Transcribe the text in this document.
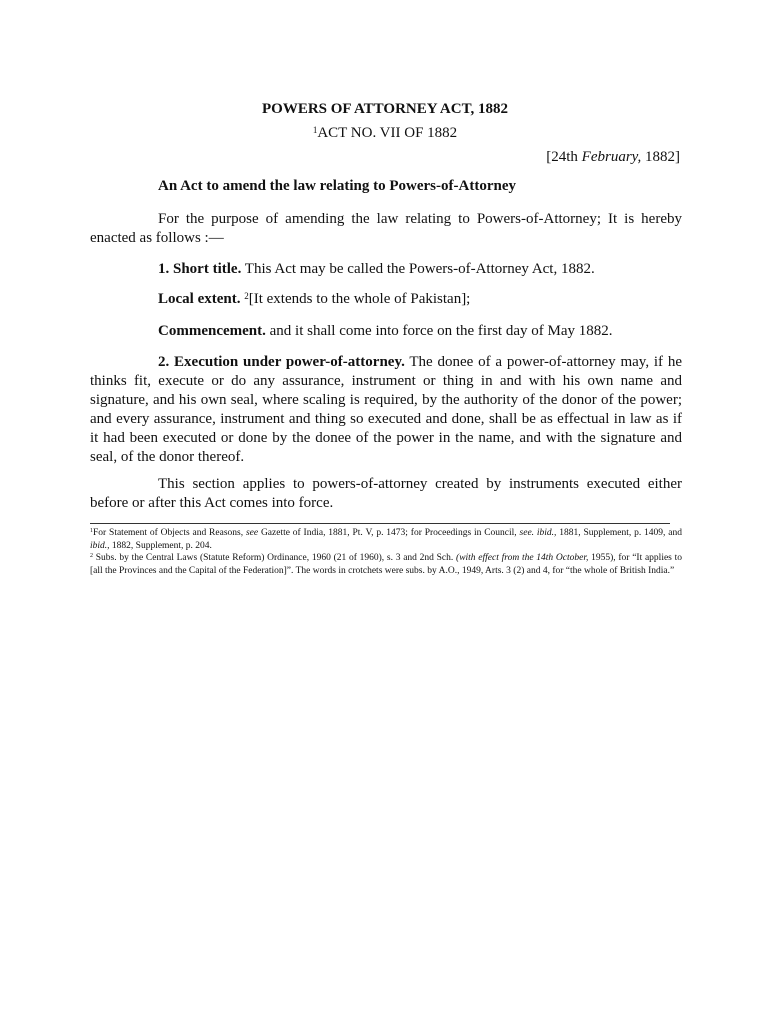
POWERS OF ATTORNEY ACT, 1882
$^1$ACT NO. VII OF 1882
[24th February, 1882]
An Act to amend the law relating to Powers-of-Attorney
For the purpose of amending the law relating to Powers-of-Attorney; It is hereby enacted as follows :—
1. Short title. This Act may be called the Powers-of-Attorney Act, 1882.
Local extent. $^2$[It extends to the whole of Pakistan];
Commencement. and it shall come into force on the first day of May 1882.
2. Execution under power-of-attorney. The donee of a power-of-attorney may, if he thinks fit, execute or do any assurance, instrument or thing in and with his own name and signature, and his own seal, where scaling is required, by the authority of the donor of the power; and every assurance, instrument and thing so executed and done, shall be as effectual in law as if it had been executed or done by the donee of the power in the name, and with the signature and seal, of the donor thereof.
This section applies to powers-of-attorney created by instruments executed either before or after this Act comes into force.
$^1$For Statement of Objects and Reasons, see Gazette of India, 1881, Pt. V, p. 1473; for Proceedings in Council, see. ibid., 1881, Supplement, p. 1409, and ibid., 1882, Supplement, p. 204.
$^2$ Subs. by the Central Laws (Statute Reform) Ordinance, 1960 (21 of 1960), s. 3 and 2nd Sch. (with effect from the 14th October, 1955), for “It applies to [all the Provinces and the Capital of the Federation]”. The words in crotchets were subs. by A.O., 1949, Arts. 3 (2) and 4, for “the whole of British India.”
